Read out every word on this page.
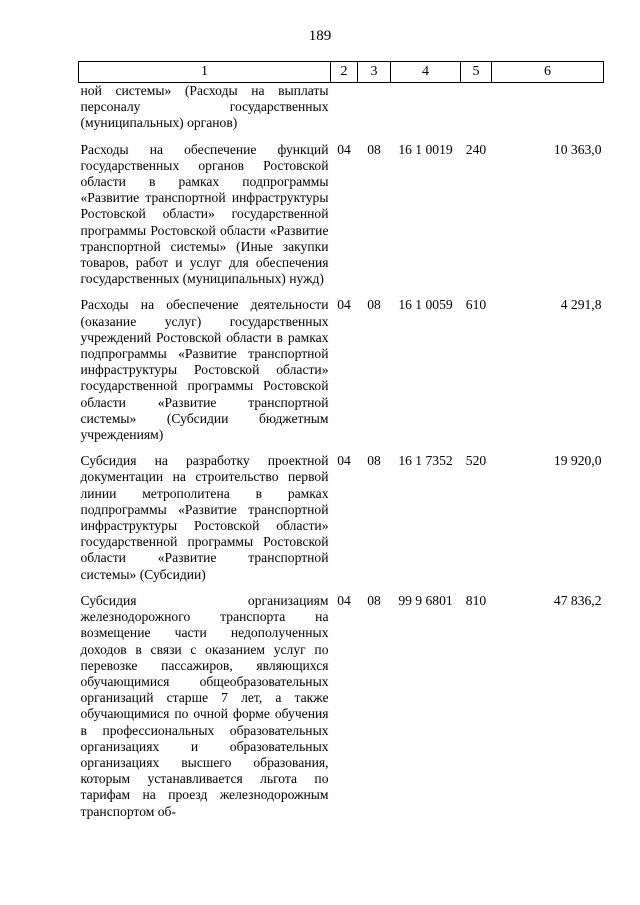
189
1	2	3	4	5	6
ной системы» (Расходы на выплаты персоналу государственных (муниципальных) органов)					
Расходы на обеспечение функций государственных органов Ростовской области в рамках подпрограммы «Развитие транспортной инфраструктуры Ростовской области» государственной программы Ростовской области «Развитие транспортной системы» (Иные закупки товаров, работ и услуг для обеспечения государственных (муниципальных) нужд)	04	08	16 1 0019	240	10 363,0
Расходы на обеспечение деятельности (оказание услуг) государственных учреждений Ростовской области в рамках подпрограммы «Развитие транспортной инфраструктуры Ростовской области» государственной программы Ростовской области «Развитие транспортной системы» (Субсидии бюджетным учреждениям)	04	08	16 1 0059	610	4 291,8
Субсидия на разработку проектной документации на строительство первой линии метрополитена в рамках подпрограммы «Развитие транспортной инфраструктуры Ростовской области» государственной программы Ростовской области «Развитие транспортной системы» (Субсидии)	04	08	16 1 7352	520	19 920,0
Субсидия организациям железнодорожного транспорта на возмещение части недополученных доходов в связи с оказанием услуг по перевозке пассажиров, являющихся обучающимися общеобразовательных организаций старше 7 лет, а также обучающимися по очной форме обучения в профессиональных образовательных организациях и образовательных организациях высшего образования, которым устанавливается льгота по тарифам на проезд железнодорожным транспортом об-	04	08	99 9 6801	810	47 836,2
